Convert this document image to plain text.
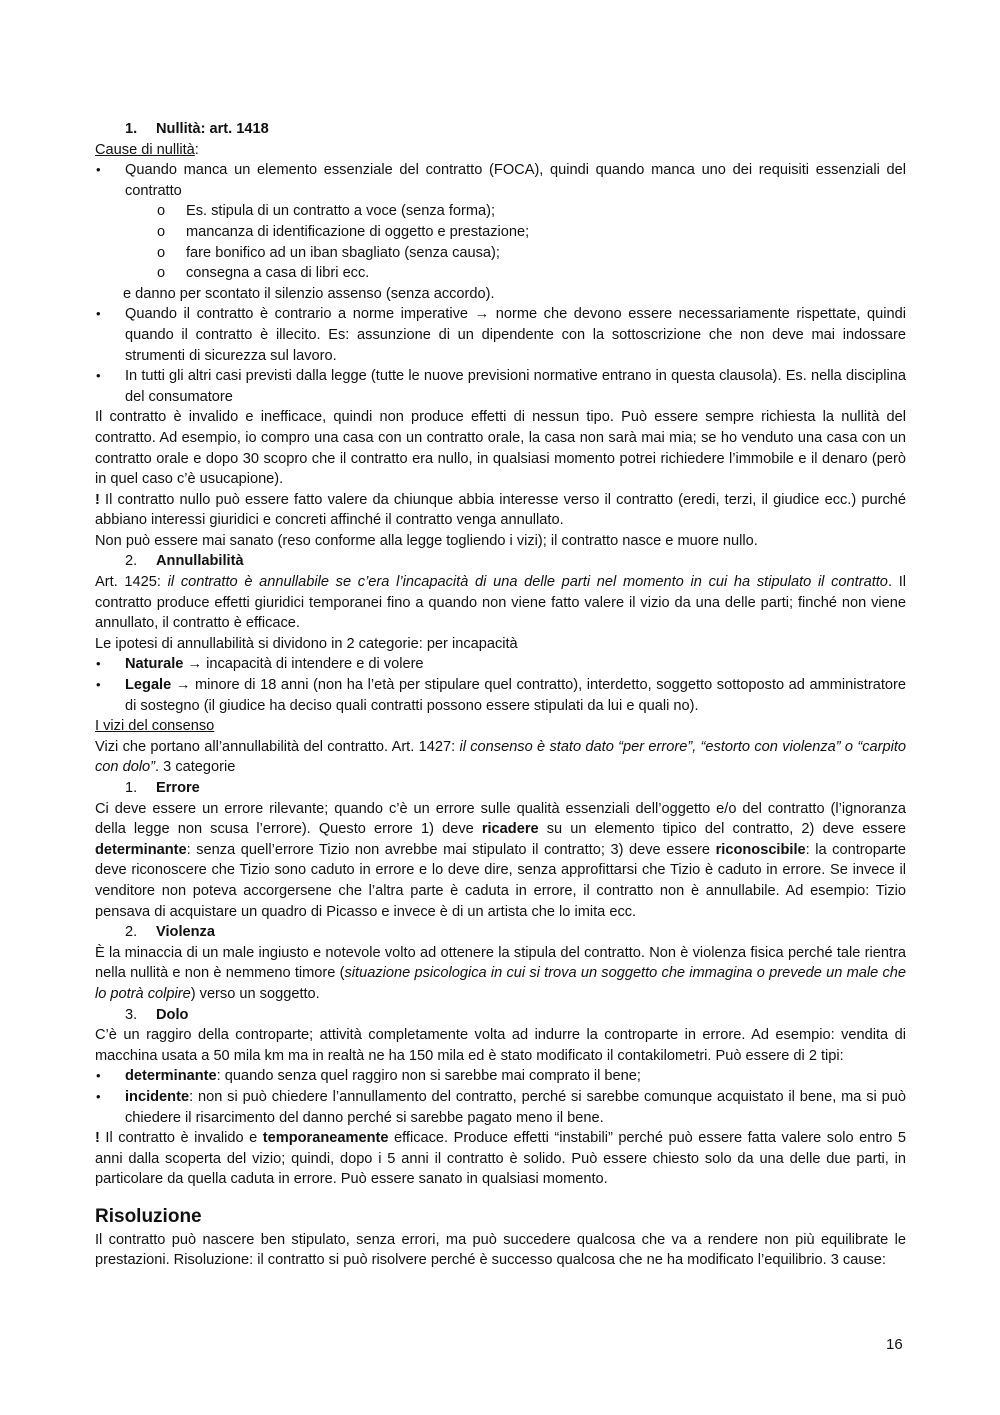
1. Nullità: art. 1418

Cause di nullità:

• Quando manca un elemento essenziale del contratto (FOCA), quindi quando manca uno dei requisiti essenziali del contratto
o Es. stipula di un contratto a voce (senza forma);
o mancanza di identificazione di oggetto e prestazione;
o fare bonifico ad un iban sbagliato (senza causa);
o consegna a casa di libri ecc.

e danno per scontato il silenzio assenso (senza accordo).

• Quando il contratto è contrario a norme imperative → norme che devono essere necessariamente rispettate, quindi quando il contratto è illecito. Es: assunzione di un dipendente con la sottoscrizione che non deve mai indossare strumenti di sicurezza sul lavoro.
• In tutti gli altri casi previsti dalla legge (tutte le nuove previsioni normative entrano in questa clausola). Es. nella disciplina del consumatore

Il contratto è invalido e inefficace, quindi non produce effetti di nessun tipo. Può essere sempre richiesta la nullità del contratto. Ad esempio, io compro una casa con un contratto orale, la casa non sarà mai mia; se ho venduto una casa con un contratto orale e dopo 30 scopro che il contratto era nullo, in qualsiasi momento potrei richiedere l’immobile e il denaro (però in quel caso c’è usucapione).

! Il contratto nullo può essere fatto valere da chiunque abbia interesse verso il contratto (eredi, terzi, il giudice ecc.) purché abbiano interessi giuridici e concreti affinché il contratto venga annullato.

Non può essere mai sanato (reso conforme alla legge togliendo i vizi); il contratto nasce e muore nullo.

2. Annullabilità

Art. 1425: il contratto è annullabile se c’era l’incapacità di una delle parti nel momento in cui ha stipulato il contratto. Il contratto produce effetti giuridici temporanei fino a quando non viene fatto valere il vizio da una delle parti; finché non viene annullato, il contratto è efficace.

Le ipotesi di annullabilità si dividono in 2 categorie: per incapacità

• Naturale → incapacità di intendere e di volere
• Legale → minore di 18 anni (non ha l’età per stipulare quel contratto), interdetto, soggetto sottoposto ad amministratore di sostegno (il giudice ha deciso quali contratti possono essere stipulati da lui e quali no).

I vizi del consenso

Vizi che portano all’annullabilità del contratto. Art. 1427: il consenso è stato dato “per errore”, “estorto con violenza” o “carpito con dolo”. 3 categorie

1. Errore

Ci deve essere un errore rilevante; quando c’è un errore sulle qualità essenziali dell’oggetto e/o del contratto (l’ignoranza della legge non scusa l’errore). Questo errore 1) deve ricadere su un elemento tipico del contratto, 2) deve essere determinante: senza quell’errore Tizio non avrebbe mai stipulato il contratto; 3) deve essere riconoscibile: la controparte deve riconoscere che Tizio sono caduto in errore e lo deve dire, senza approfittarsi che Tizio è caduto in errore. Se invece il venditore non poteva accorgersene che l’altra parte è caduta in errore, il contratto non è annullabile. Ad esempio: Tizio pensava di acquistare un quadro di Picasso e invece è di un artista che lo imita ecc.

2. Violenza

È la minaccia di un male ingiusto e notevole volto ad ottenere la stipula del contratto. Non è violenza fisica perché tale rientra nella nullità e non è nemmeno timore (situazione psicologica in cui si trova un soggetto che immagina o prevede un male che lo potrà colpire) verso un soggetto.

3. Dolo

C’è un raggiro della controparte; attività completamente volta ad indurre la controparte in errore. Ad esempio: vendita di macchina usata a 50 mila km ma in realtà ne ha 150 mila ed è stato modificato il contakilometri. Può essere di 2 tipi:

• determinante: quando senza quel raggiro non si sarebbe mai comprato il bene;
• incidente: non si può chiedere l’annullamento del contratto, perché si sarebbe comunque acquistato il bene, ma si può chiedere il risarcimento del danno perché si sarebbe pagato meno il bene.

! Il contratto è invalido e temporaneamente efficace. Produce effetti “instabili” perché può essere fatta valere solo entro 5 anni dalla scoperta del vizio; quindi, dopo i 5 anni il contratto è solido. Può essere chiesto solo da una delle due parti, in particolare da quella caduta in errore. Può essere sanato in qualsiasi momento.

Risoluzione

Il contratto può nascere ben stipulato, senza errori, ma può succedere qualcosa che va a rendere non più equilibrate le prestazioni. Risoluzione: il contratto si può risolvere perché è successo qualcosa che ne ha modificato l’equilibrio. 3 cause:

16
